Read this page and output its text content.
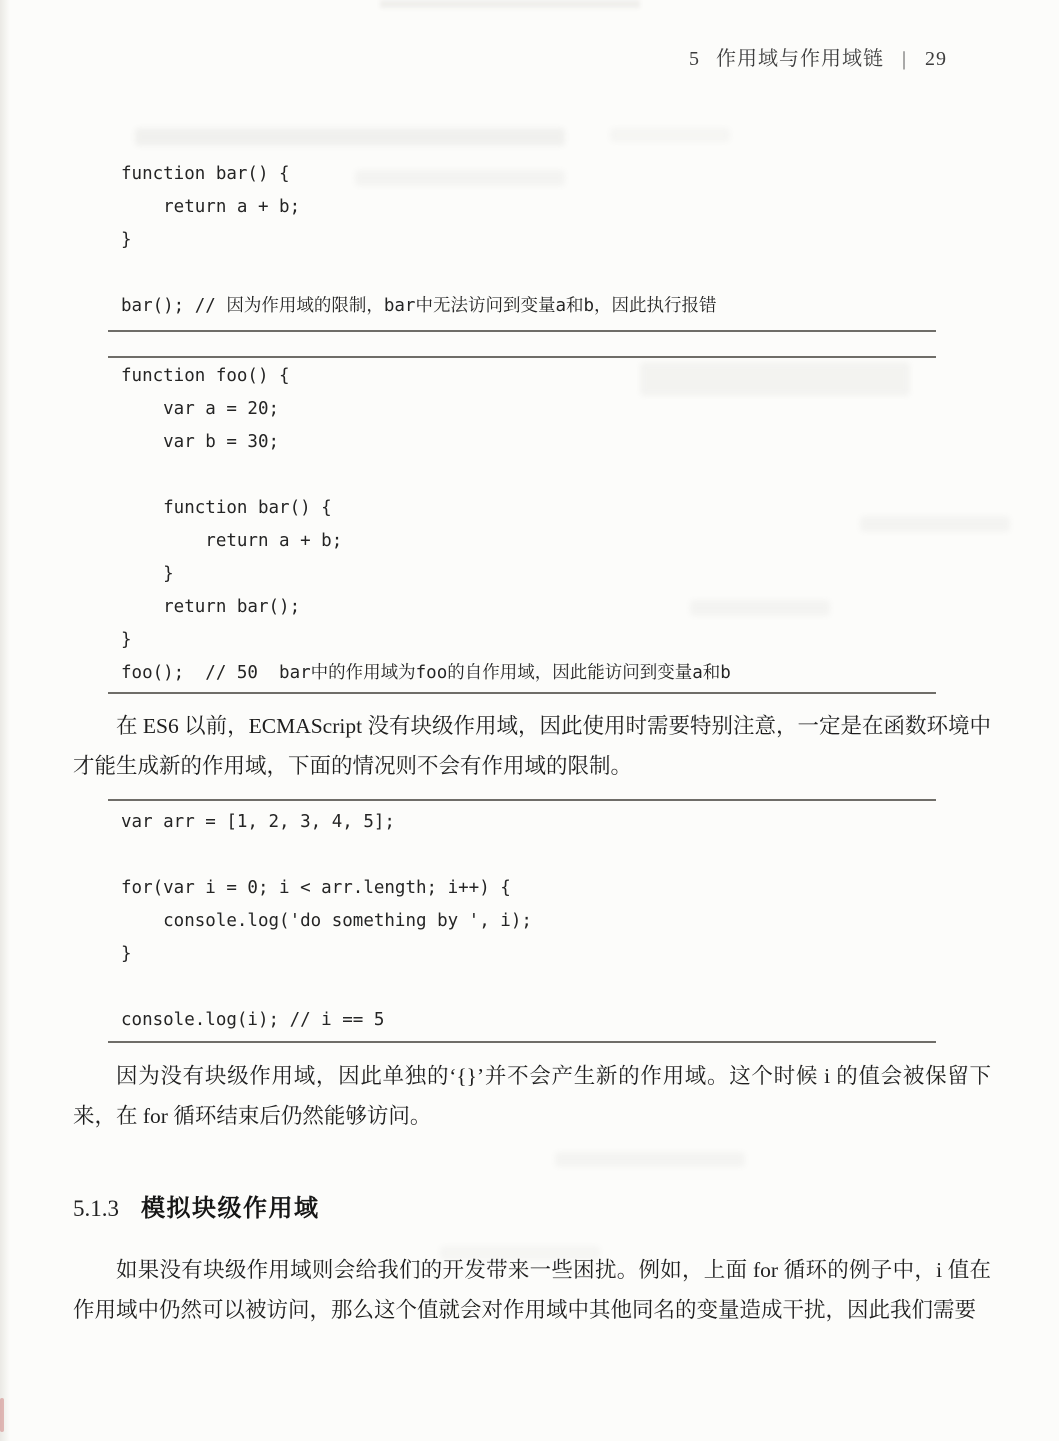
5 作用域与作用域链 | 29
function bar() {
return a + b;
}
bar(); // 因为作用域的限制，bar中无法访问到变量a和b，因此执行报错
function foo() {
var a = 20;
var b = 30;
function bar() {
return a + b;
}
return bar();
}
foo();  // 50  bar中的作用域为foo的自作用域，因此能访问到变量a和b

在 ES6 以前，ECMAScript 没有块级作用域，因此使用时需要特别注意，一定是在函数环境中才能生成新的作用域，下面的情况则不会有作用域的限制。

var arr = [1, 2, 3, 4, 5];
for(var i = 0; i < arr.length; i++) {
console.log('do something by ', i);
}
console.log(i); // i == 5

因为没有块级作用域，因此单独的‘{}’并不会产生新的作用域。这个时候 i 的值会被保留下来，在 for 循环结束后仍然能够访问。

5.1.3 模拟块级作用域

如果没有块级作用域则会给我们的开发带来一些困扰。例如，上面 for 循环的例子中，i 值在作用域中仍然可以被访问，那么这个值就会对作用域中其他同名的变量造成干扰，因此我们需要
